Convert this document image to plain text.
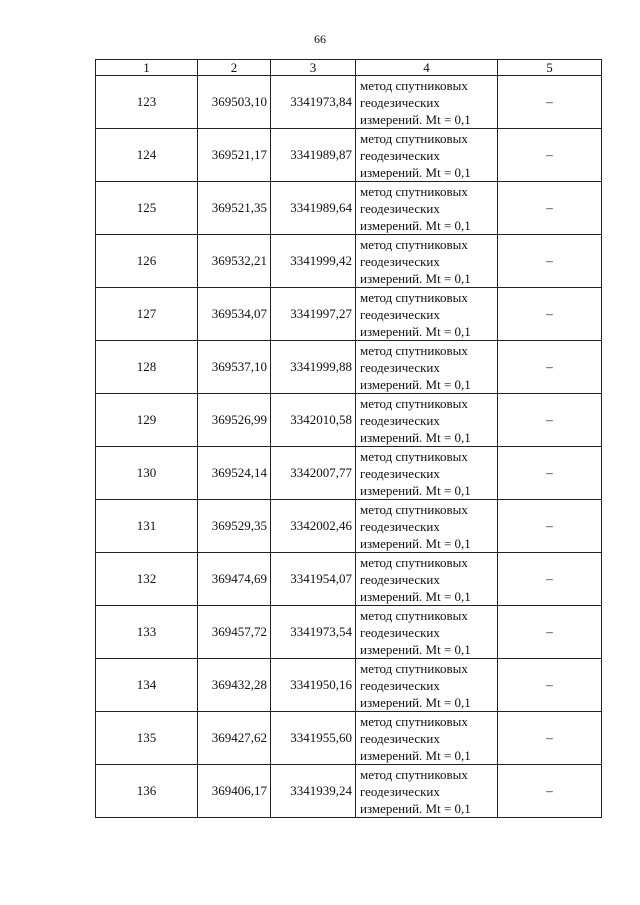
66
1	2	3	4	5
123	369503,10	3341973,84	метод спутниковых
геодезических
измерений. Mt = 0,1	–
124	369521,17	3341989,87	метод спутниковых
геодезических
измерений. Mt = 0,1	–
125	369521,35	3341989,64	метод спутниковых
геодезических
измерений. Mt = 0,1	–
126	369532,21	3341999,42	метод спутниковых
геодезических
измерений. Mt = 0,1	–
127	369534,07	3341997,27	метод спутниковых
геодезических
измерений. Mt = 0,1	–
128	369537,10	3341999,88	метод спутниковых
геодезических
измерений. Mt = 0,1	–
129	369526,99	3342010,58	метод спутниковых
геодезических
измерений. Mt = 0,1	–
130	369524,14	3342007,77	метод спутниковых
геодезических
измерений. Mt = 0,1	–
131	369529,35	3342002,46	метод спутниковых
геодезических
измерений. Mt = 0,1	–
132	369474,69	3341954,07	метод спутниковых
геодезических
измерений. Mt = 0,1	–
133	369457,72	3341973,54	метод спутниковых
геодезических
измерений. Mt = 0,1	–
134	369432,28	3341950,16	метод спутниковых
геодезических
измерений. Mt = 0,1	–
135	369427,62	3341955,60	метод спутниковых
геодезических
измерений. Mt = 0,1	–
136	369406,17	3341939,24	метод спутниковых
геодезических
измерений. Mt = 0,1	–
